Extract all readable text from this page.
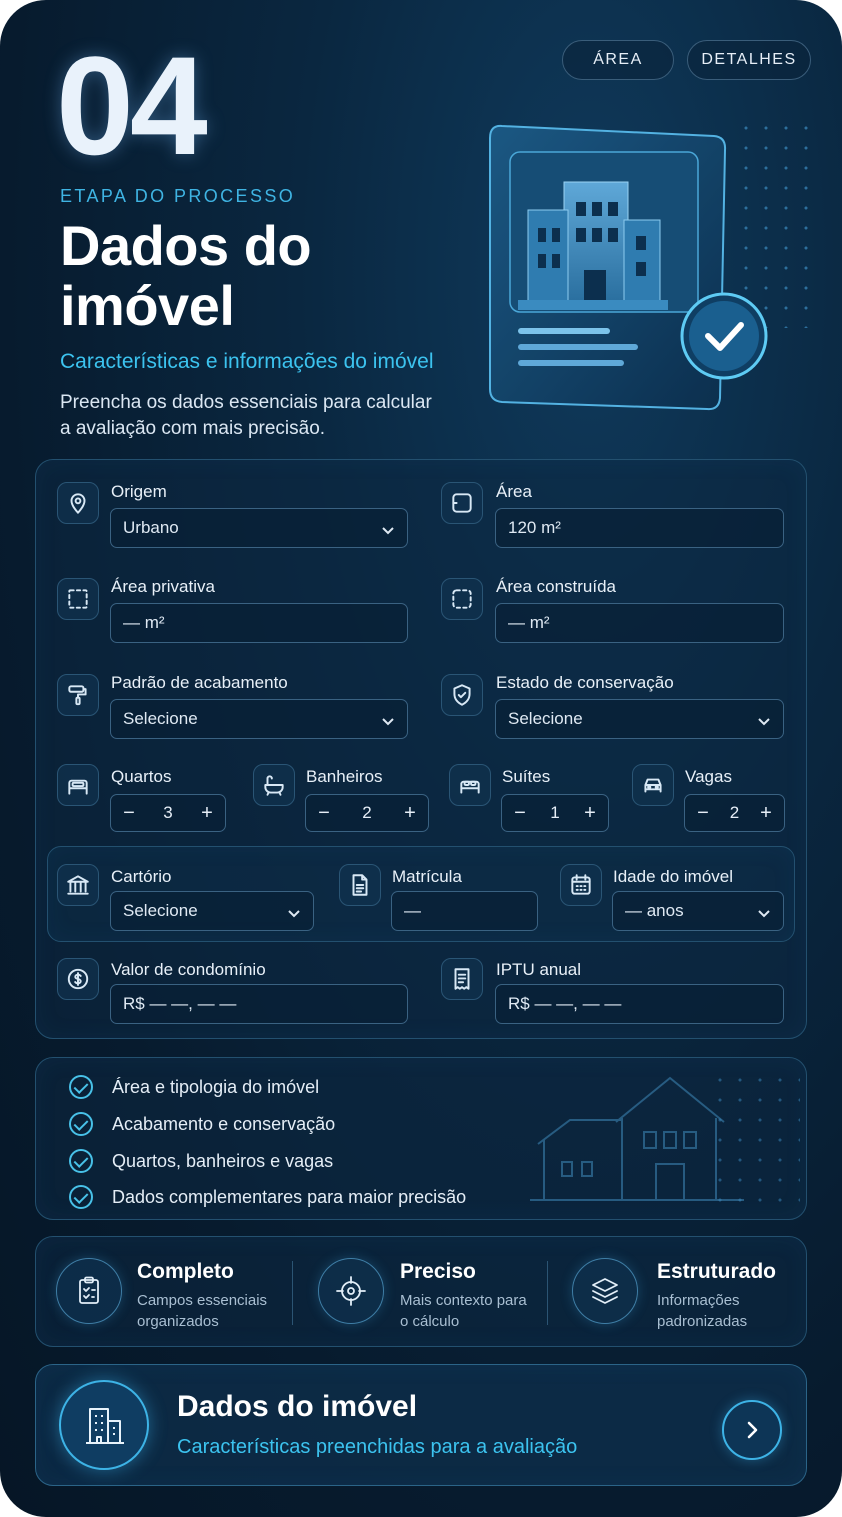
ÁREA	DETALHES
04
ETAPA DO PROCESSO
Dados do imóvel
Características e informações do imóvel
Preencha os dados essenciais para calcular a avaliação com mais precisão.
Origem
Urbano
Área
120 m²
Área privativa
— m²
Área construída
— m²
Padrão de acabamento
Selecione
Estado de conservação
Selecione
Quartos
− 3 +
Banheiros
− 2 +
Suítes
− 1 +
Vagas
− 2 +
Cartório
Selecione
Matrícula
—
Idade do imóvel
— anos
Valor de condomínio
R$ — —, — —
IPTU anual
R$ — —, — —
Área e tipologia do imóvel
Acabamento e conservação
Quartos, banheiros e vagas
Dados complementares para maior precisão
Completo
Campos essenciais
organizados
Preciso
Mais contexto para
o cálculo
Estruturado
Informações
padronizadas
Dados do imóvel
Características preenchidas para a avaliação
